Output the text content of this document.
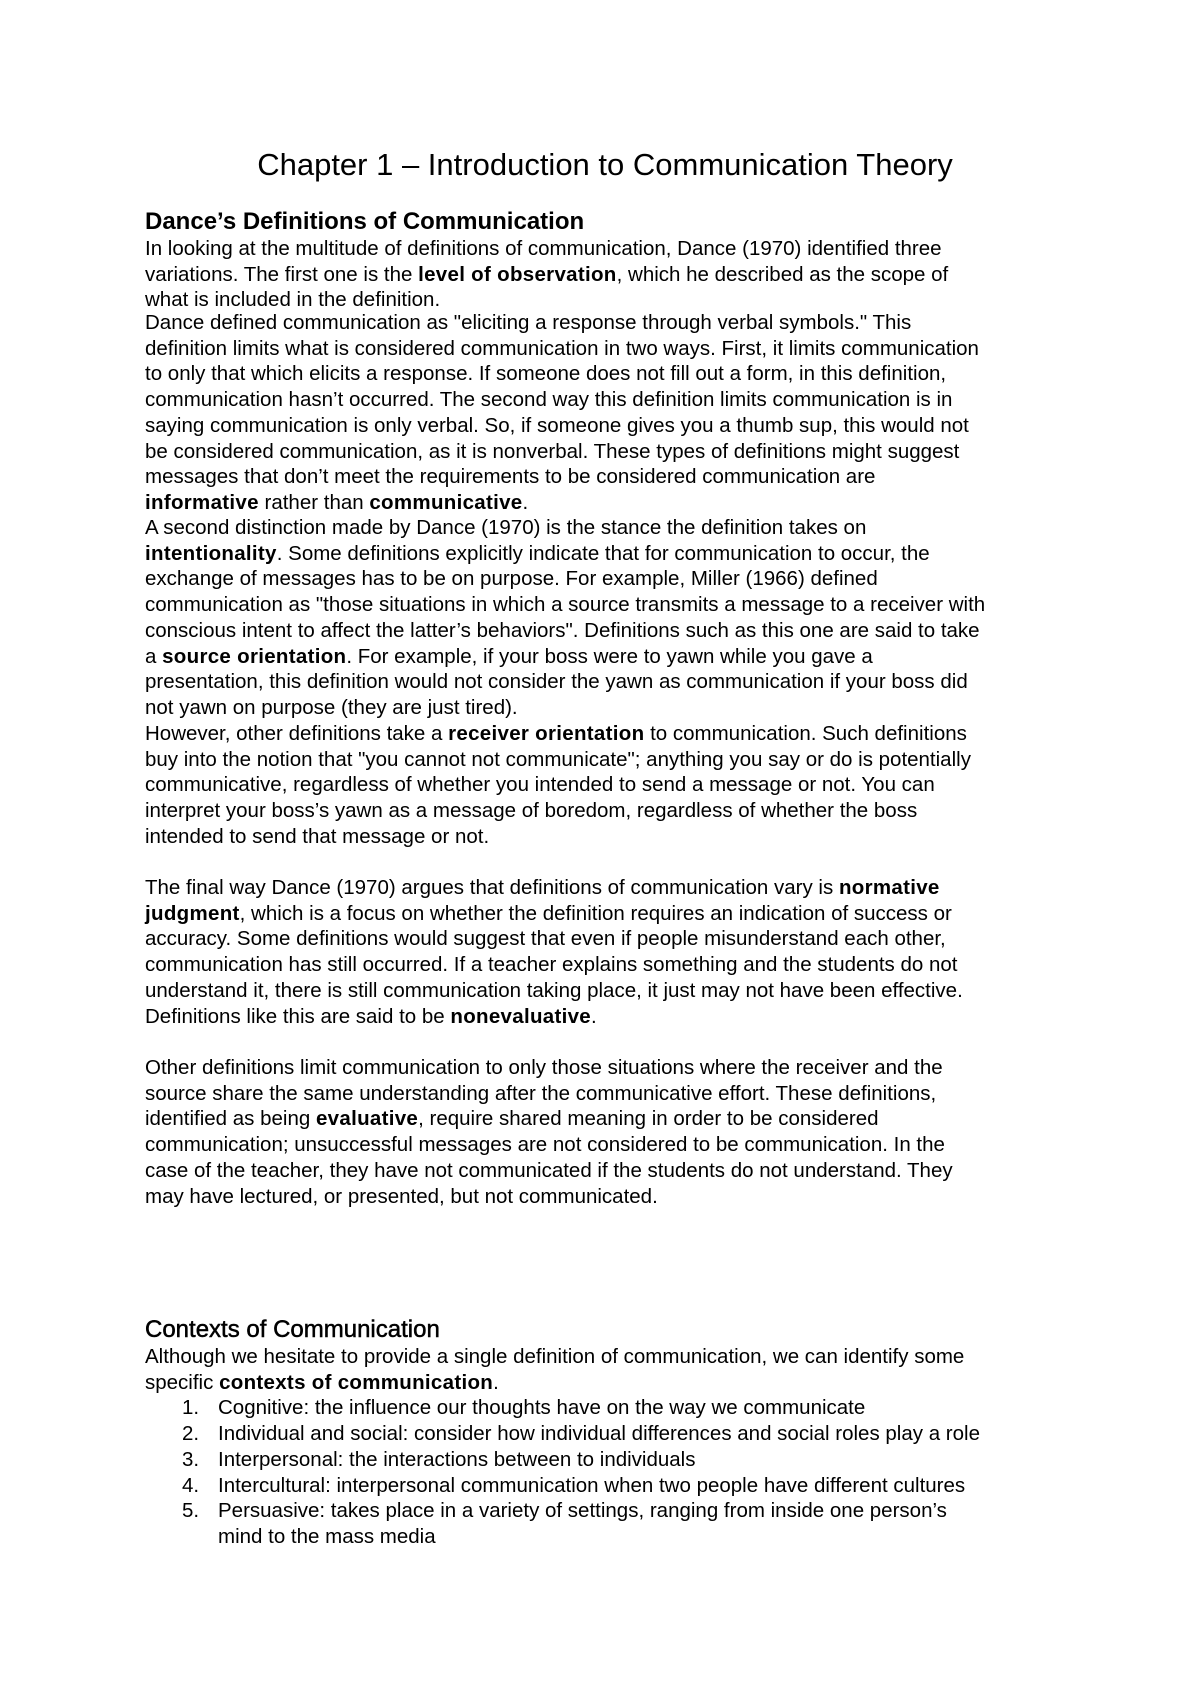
Chapter 1 – Introduction to Communication Theory
Dance’s Definitions of Communication
In looking at the multitude of definitions of communication, Dance (1970) identified three
variations. The first one is the level of observation, which he described as the scope of
what is included in the definition.
Dance defined communication as "eliciting a response through verbal symbols." This
definition limits what is considered communication in two ways. First, it limits communication
to only that which elicits a response. If someone does not fill out a form, in this definition,
communication hasn’t occurred. The second way this definition limits communication is in
saying communication is only verbal. So, if someone gives you a thumb sup, this would not
be considered communication, as it is nonverbal. These types of definitions might suggest
messages that don’t meet the requirements to be considered communication are
informative rather than communicative.
A second distinction made by Dance (1970) is the stance the definition takes on
intentionality. Some definitions explicitly indicate that for communication to occur, the
exchange of messages has to be on purpose. For example, Miller (1966) defined
communication as "those situations in which a source transmits a message to a receiver with
conscious intent to affect the latter’s behaviors". Definitions such as this one are said to take
a source orientation. For example, if your boss were to yawn while you gave a
presentation, this definition would not consider the yawn as communication if your boss did
not yawn on purpose (they are just tired).
However, other definitions take a receiver orientation to communication. Such definitions
buy into the notion that "you cannot not communicate"; anything you say or do is potentially
communicative, regardless of whether you intended to send a message or not. You can
interpret your boss’s yawn as a message of boredom, regardless of whether the boss
intended to send that message or not.
The final way Dance (1970) argues that definitions of communication vary is normative
judgment, which is a focus on whether the definition requires an indication of success or
accuracy. Some definitions would suggest that even if people misunderstand each other,
communication has still occurred. If a teacher explains something and the students do not
understand it, there is still communication taking place, it just may not have been effective.
Definitions like this are said to be nonevaluative.
Other definitions limit communication to only those situations where the receiver and the
source share the same understanding after the communicative effort. These definitions,
identified as being evaluative, require shared meaning in order to be considered
communication; unsuccessful messages are not considered to be communication. In the
case of the teacher, they have not communicated if the students do not understand. They
may have lectured, or presented, but not communicated.
Contexts of Communication
Although we hesitate to provide a single definition of communication, we can identify some
specific contexts of communication.
1. Cognitive: the influence our thoughts have on the way we communicate
2. Individual and social: consider how individual differences and social roles play a role
3. Interpersonal: the interactions between to individuals
4. Intercultural: interpersonal communication when two people have different cultures
5. Persuasive: takes place in a variety of settings, ranging from inside one person’s
mind to the mass media
